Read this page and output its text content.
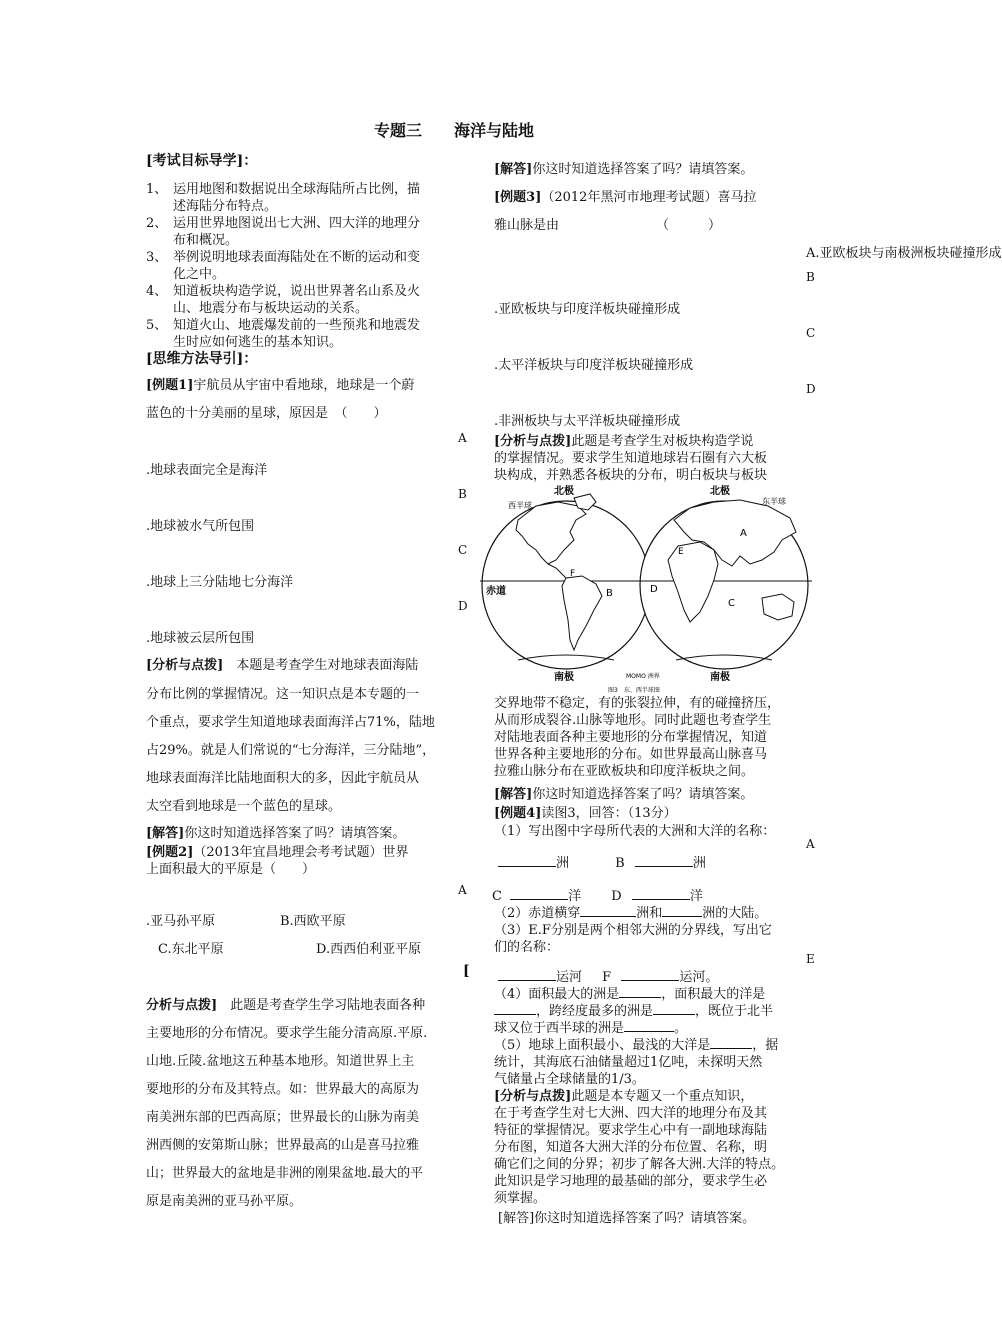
专题三　　海洋与陆地
[考试目标导学]：
1、 运用地图和数据说出全球海陆所占比例，描
述海陆分布特点。
2、 运用世界地图说出七大洲、四大洋的地理分
布和概况。
3、 举例说明地球表面海陆处在不断的运动和变
化之中。
4、 知道板块构造学说，说出世界著名山系及火
山、地震分布与板块运动的关系。
5、 知道火山、地震爆发前的一些预兆和地震发
生时应如何逃生的基本知识。
[思维方法导引]：
[例题1]宇航员从宇宙中看地球，地球是一个蔚
蓝色的十分美丽的星球，原因是　（　　）
A
.地球表面完全是海洋
B
.地球被水气所包围
C
.地球上三分陆地七分海洋
D
.地球被云层所包围
[分析与点拨]　本题是考查学生对地球表面海陆
分布比例的掌握情况。这一知识点是本专题的一
个重点，要求学生知道地球表面海洋占71%，陆地
占29%。就是人们常说的“七分海洋，三分陆地”，
地球表面海洋比陆地面积大的多，因此宇航员从
太空看到地球是一个蓝色的星球。
[解答]你这时知道选择答案了吗？请填答案。
[例题2]（2013年宜昌地理会考考试题）世界
上面积最大的平原是（　　）
A
.亚马孙平原	B.西欧平原
C.东北平原	D.西西伯利亚平原
[
分析与点拨]　此题是考查学生学习陆地表面各种
主要地形的分布情况。要求学生能分清高原.平原.
山地.丘陵.盆地这五种基本地形。知道世界上主
要地形的分布及其特点。如：世界最大的高原为
南美洲东部的巴西高原；世界最长的山脉为南美
洲西侧的安第斯山脉；世界最高的山是喜马拉雅
山；世界最大的盆地是非洲的刚果盆地.最大的平
原是南美洲的亚马孙平原。
[解答]你这时知道选择答案了吗？请填答案。
[例题3]（2012年黑河市地理考试题）喜马拉
雅山脉是由	（　　　）
A.亚欧板块与南极洲板块碰撞形成
B
.亚欧板块与印度洋板块碰撞形成
C
.太平洋板块与印度洋板块碰撞形成
D
.非洲板块与太平洋板块碰撞形成
[分析与点拨]此题是考查学生对板块构造学说
的掌握情况。要求学生知道地球岩石圈有六大板
块构成，并熟悉各板块的分布，明白板块与板块
北极	北极
南极	南极
赤道
西半球	东半球
A
B
C
D
E
F
MOMO 洲界
图3　东、西半球图
交界地带不稳定，有的张裂拉伸，有的碰撞挤压，
从而形成裂谷.山脉等地形。同时此题也考查学生
对陆地表面各种主要地形的分布掌握情况，知道
世界各种主要地形的分布。如世界最高山脉喜马
拉雅山脉分布在亚欧板块和印度洋板块之间。
[解答]你这时知道选择答案了吗？请填答案。
[例题4]读图3，回答：（13分）
（1）写出图中字母所代表的大洲和大洋的名称：
A
洲	B	洲
C	洋 D	洋
（2）赤道横穿	洲和	洲的大陆。
（3）E.F分别是两个相邻大洲的分界线，写出它
们的名称：
E
运河 F	运河。
（4）面积最大的洲是	，面积最大的洋是
，跨经度最多的洲是	，既位于北半
球又位于西半球的洲是	。
（5）地球上面积最小、最浅的大洋是	，据
统计，其海底石油储量超过1亿吨，未探明天然
气储量占全球储量的1/3。
[分析与点拨]此题是本专题又一个重点知识，
在于考查学生对七大洲、四大洋的地理分布及其
特征的掌握情况。要求学生心中有一副地球海陆
分布图，知道各大洲大洋的分布位置、名称，明
确它们之间的分界；初步了解各大洲.大洋的特点。
此知识是学习地理的最基础的部分，要求学生必
须掌握。
[解答]你这时知道选择答案了吗？请填答案。
